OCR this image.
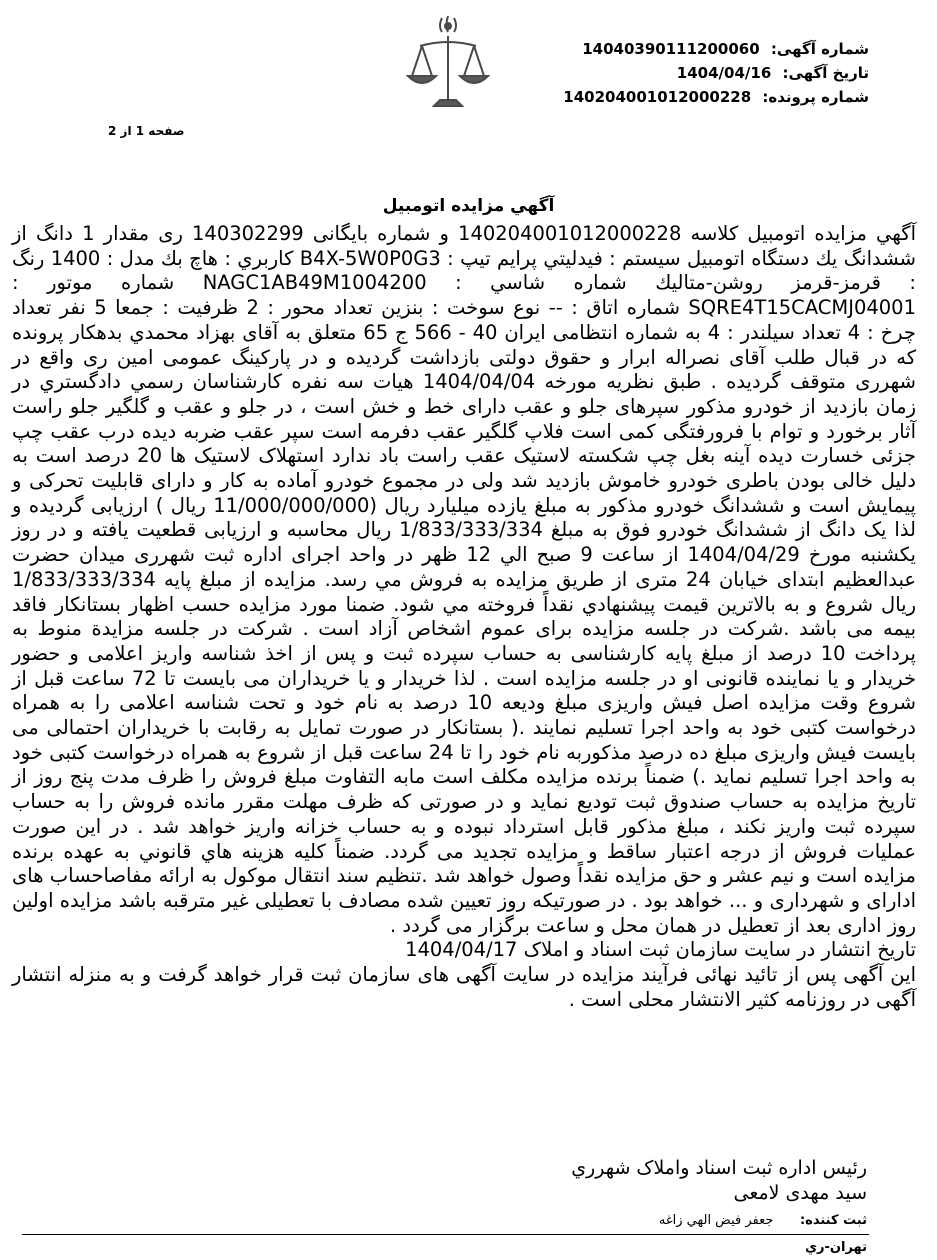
شماره آگهی: 14040390111200060
تاریخ آگهی: 1404/04/16
شماره پرونده: 140204001012000228
صفحه 1 از 2
آگهي مزايده اتومبيل

آگهي مزايده اتومبيل كلاسه 140204001012000228 و شماره بايگانی 140302299 ری مقدار 1 دانگ از ششدانگ يك دستگاه اتومبيل سيستم : فيدليتي پرايم تيپ : B4X-5W0P0G3 كاربري : هاچ بك مدل : 1400 رنگ : قرمز-قرمز روشن-متاليك شماره شاسي : NAGC1AB49M1004200 شماره موتور : SQRE4T15CACMJ04001 شماره اتاق : -- نوع سوخت : بنزين تعداد محور : 2 ظرفيت : جمعا 5 نفر تعداد چرخ : 4 تعداد سيلندر : 4 به شماره انتظامی ایران 40 - 566 ج 65 متعلق به آقای بهزاد محمدي بدهكار پرونده كه در قبال طلب آقای نصراله ابرار و حقوق دولتی بازداشت گردیده و در پارکینگ عمومی امین ری واقع در شهرری متوقف گردیده . طبق نظریه مورخه 1404/04/04 هیات سه نفره کارشناسان رسمي دادگستري در زمان بازدید از خودرو مذکور سپرهای جلو و عقب دارای خط و خش است ، در جلو و عقب و گلگیر جلو راست آثار برخورد و توام با فرورفتگی کمی است فلاپ گلگیر عقب دفرمه است سپر عقب ضربه دیده درب عقب چپ جزئی خسارت دیده آینه بغل چپ شکسته لاستیک عقب راست باد ندارد استهلاک لاستیک ها 20 درصد است به دلیل خالی بودن باطری خودرو خاموش بازدید شد ولی در مجموع خودرو آماده به کار و دارای قابلیت تحرکی و پیمایش است و ششدانگ خودرو مذکور به مبلغ یازده میلیارد ریال (11/000/000/000 ریال ) ارزیابی گردیده و لذا یک دانگ از ششدانگ خودرو فوق به مبلغ 1/833/333/334 ریال محاسبه و ارزیابی قطعیت یافته و در روز یکشنبه مورخ 1404/04/29 از ساعت 9 صبح الي 12 ظهر در واحد اجرای اداره ثبت شهرری میدان حضرت عبدالعظیم ابتدای خیابان 24 متری از طريق مزايده به فروش مي رسد. مزایده از مبلغ پایه 1/833/333/334 ریال شروع و به بالاترين قيمت پيشنهادي نقداً فروخته مي شود. ضمنا مورد مزایده حسب اظهار بستانکار فاقد بیمه می باشد .شرکت در جلسه مزایده برای عموم اشخاص آزاد است . شرکت در جلسه مزایدة منوط به پرداخت 10 درصد از مبلغ پایه کارشناسی به حساب سپرده ثبت و پس از اخذ شناسه واریز اعلامی و حضور خریدار و یا نماینده قانونی او در جلسه مزایده است . لذا خریدار و یا خریداران می بایست تا 72 ساعت قبل از شروع وقت مزایده اصل فیش واریزی مبلغ ودیعه 10 درصد به نام خود و تحت شناسه اعلامی را به همراه درخواست کتبی خود به واحد اجرا تسلیم نمایند .( بستانکار در صورت تمایل به رقابت با خریداران احتمالی می بایست فیش واریزی مبلغ ده درصد مذکوربه نام خود را تا 24 ساعت قبل از شروع به همراه درخواست کتبی خود به واحد اجرا تسلیم نماید .) ضمناً برنده مزایده مکلف است مابه التفاوت مبلغ فروش را ظرف مدت پنج روز از تاريخ مزايده به حساب صندوق ثبت توديع نمايد و در صورتی که ظرف مهلت مقرر مانده فروش را به حساب سپرده ثبت واريز نكند ، مبلغ مذكور قابل استرداد نبوده و به حساب خزانه واريز خواهد شد . در اين صورت عمليات فروش از درجه اعتبار ساقط و مزايده تجديد می گردد. ضمناً كليه هزينه هاي قانوني به عهده برنده مزايده است و نيم عشر و حق مزايده نقداً وصول خواهد شد .تنظيم سند انتقال موكول به ارائه مفاصاحساب های ادارای و شهرداری و ... خواهد بود . در صورتیکه روز تعیین شده مصادف با تعطیلی غیر مترقبه باشد مزایده اولین روز اداری بعد از تعطیل در همان محل و ساعت برگزار می گردد .

تاریخ انتشار در سایت سازمان ثبت اسناد و املاک 1404/04/17

این آگهی پس از تائید نهائی فرآیند مزایده در سایت آگهی های سازمان ثبت قرار خواهد گرفت و به منزله انتشار آگهی در روزنامه کثیر الانتشار محلی است .

رئيس اداره ثبت اسناد واملاک شهرري
سید مهدی لامعی
ثبت كننده: جعفر فيض الهي زاغه
تهران-ري
